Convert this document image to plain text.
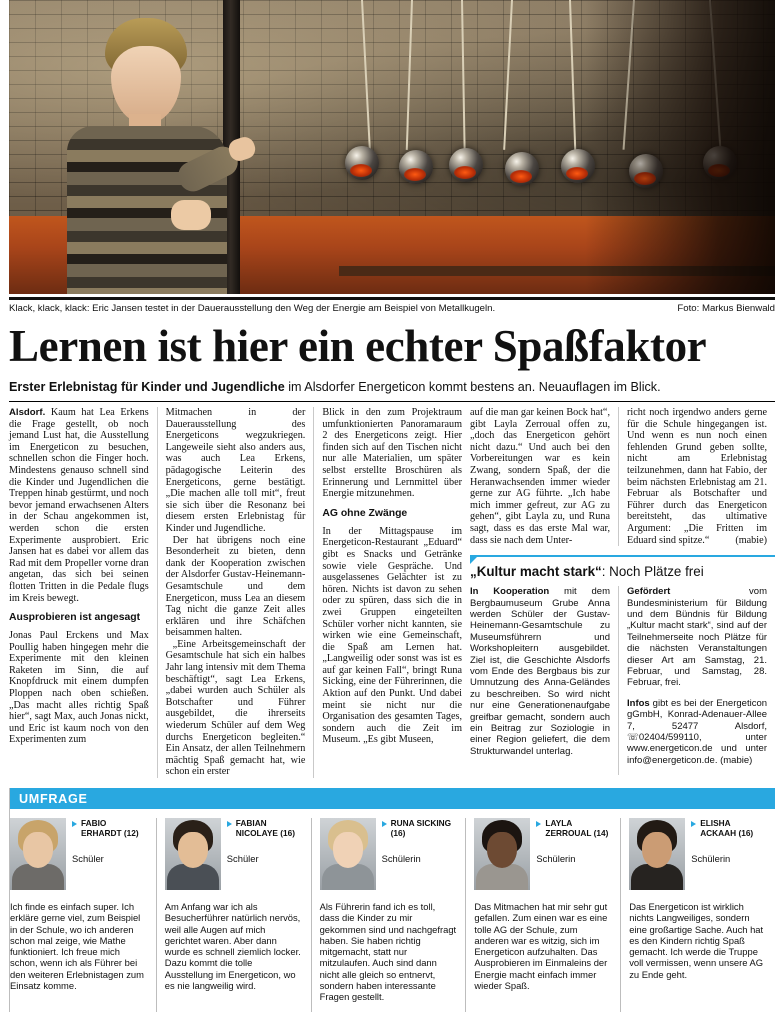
Klack, klack, klack: Eric Jansen testet in der Dauerausstellung den Weg der Energie am Beispiel von Metallkugeln.	Foto: Markus Bienwald
Lernen ist hier ein echter Spaßfaktor
Erster Erlebnistag für Kinder und Jugendliche im Alsdorfer Energeticon kommt bestens an. Neuauflagen im Blick.

Alsdorf. Kaum hat Lea Erkens die Frage gestellt, ob noch jemand Lust hat, die Ausstellung im Energeticon zu besuchen, schnellen schon die Finger hoch. Mindestens genauso schnell sind die Kinder und Jugendlichen die Treppen hinab gestürmt, und noch bevor jemand erwachsenen Alters in der Schau angekommen ist, werden schon die ersten Experimente ausprobiert. Eric Jansen hat es dabei vor allem das Rad mit dem Propeller vorne dran angetan, das sich bei seinen flotten Tritten in die Pedale flugs im Kreis bewegt.

Ausprobieren ist angesagt

Jonas Paul Erckens und Max Poullig haben hingegen mehr die Experimente mit den kleinen Raketen im Sinn, die auf Knopfdruck mit einem dumpfen Ploppen nach oben schießen. „Das macht alles richtig Spaß hier“, sagt Max, auch Jonas nickt, und Eric ist kaum noch von den Experimenten zum

Mitmachen in der Dauerausstellung des Energeticons wegzukriegen. Langeweile sieht also anders aus, was auch Lea Erkens, pädagogische Leiterin des Energeticons, gerne bestätigt. „Die machen alle toll mit“, freut sie sich über die Resonanz bei diesem ersten Erlebnistag für Kinder und Jugendliche.

Der hat übrigens noch eine Besonderheit zu bieten, denn dank der Kooperation zwischen der Alsdorfer Gustav-Heinemann-Gesamtschule und dem Energeticon, muss Lea an diesem Tag nicht die ganze Zeit alles erklären und ihre Schäfchen beisammen halten.

„Eine Arbeitsgemeinschaft der Gesamtschule hat sich ein halbes Jahr lang intensiv mit dem Thema beschäftigt“, sagt Lea Erkens, „dabei wurden auch Schüler als Botschafter und Führer ausgebildet, die ihrerseits wiederum Schüler auf dem Weg durchs Energeticon begleiten.“ Ein Ansatz, der allen Teilnehmern mächtig Spaß gemacht hat, wie schon ein erster

Blick in den zum Projektraum umfunktionierten Panoramaraum 2 des Energeticons zeigt. Hier finden sich auf den Tischen nicht nur alle Materialien, um später selbst erstellte Broschüren als Erinnerung und Lernmittel über Energie mitzunehmen.

AG ohne Zwänge

In der Mittagspause im Energeticon-Restaurant „Eduard“ gibt es Snacks und Getränke sowie viele Gespräche. Und ausgelassenes Gelächter ist zu hören. Nichts ist davon zu sehen oder zu spüren, dass sich die in zwei Gruppen eingeteilten Schüler vorher nicht kannten, sie wirken wie eine Gemeinschaft, die Spaß am Lernen hat. „Langweilig oder sonst was ist es auf gar keinen Fall“, bringt Runa Sicking, eine der Führerinnen, die Aktion auf den Punkt. Und dabei meint sie nicht nur die Organisation des gesamten Tages, sondern auch die Zeit im Museum. „Es gibt Museen,

auf die man gar keinen Bock hat“, gibt Layla Zerroual offen zu, „doch das Energeticon gehört nicht dazu.“ Und auch bei den Vorbereitungen war es kein Zwang, sondern Spaß, der die Heranwachsenden immer wieder gerne zur AG führte. „Ich habe mich immer gefreut, zur AG zu gehen“, gibt Layla zu, und Runa sagt, dass es das erste Mal war, dass sie nach dem Unter-

richt noch irgendwo anders gerne für die Schule hingegangen ist. Und wenn es nun noch einen fehlenden Grund geben sollte, nicht am Erlebnistag teilzunehmen, dann hat Fabio, der beim nächsten Erlebnistag am 21. Februar als Botschafter und Führer durch das Energeticon bereitsteht, das ultimative Argument: „Die Fritten im Eduard sind spitze.“	(mabie)

„Kultur macht stark“: Noch Plätze frei

In Kooperation mit dem Bergbaumuseum Grube Anna werden Schüler der Gustav-Heinemann-Gesamtschule zu Museumsführern und Workshopleitern ausgebildet. Ziel ist, die Geschichte Alsdorfs vom Ende des Bergbaus bis zur Umnutzung des Anna-Geländes zu beschreiben. So wird nicht nur eine Generationenaufgabe greifbar gemacht, sondern auch ein Beitrag zur Soziologie in einer Region geliefert, die dem Strukturwandel unterlag.

Gefördert vom Bundesministerium für Bildung und dem Bündnis für Bildung „Kultur macht stark“, sind auf der Teilnehmerseite noch Plätze für die nächsten Veranstaltungen dieser Art am Samstag, 21. Februar, und Samstag, 28. Februar, frei.

Infos gibt es bei der Energeticon gGmbH, Konrad-Adenauer-Allee 7, 52477 Alsdorf, ☏02404/599110, unter www.energeticon.de und unter info@energeticon.de. (mabie)

UMFRAGE
FABIO ERHARDT (12)
Schüler

Ich finde es einfach super. Ich erkläre gerne viel, zum Beispiel in der Schule, wo ich anderen schon mal zeige, wie Mathe funktioniert. Ich freue mich schon, wenn ich als Führer bei den weiteren Erlebnistagen zum Einsatz komme.

FABIAN NICOLAYE (16)
Schüler

Am Anfang war ich als Besucherführer natürlich nervös, weil alle Augen auf mich gerichtet waren. Aber dann wurde es schnell ziemlich locker. Dazu kommt die tolle Ausstellung im Energeticon, wo es nie langweilig wird.

RUNA SICKING (16)
Schülerin

Als Führerin fand ich es toll, dass die Kinder zu mir gekommen sind und nachgefragt haben. Sie haben richtig mitgemacht, statt nur mitzulaufen. Auch sind dann nicht alle gleich so entnervt, sondern haben interessante Fragen gestellt.

LAYLA ZERROUAL (14)
Schülerin

Das Mitmachen hat mir sehr gut gefallen. Zum einen war es eine tolle AG der Schule, zum anderen war es witzig, sich im Energeticon aufzuhalten. Das Ausprobieren im Einmaleins der Energie macht einfach immer wieder Spaß.

ELISHA ACKAAH (16)
Schülerin

Das Energeticon ist wirklich nichts Langweiliges, sondern eine großartige Sache. Auch hat es den Kindern richtig Spaß gemacht. Ich werde die Truppe voll vermissen, wenn unsere AG zu Ende geht.
